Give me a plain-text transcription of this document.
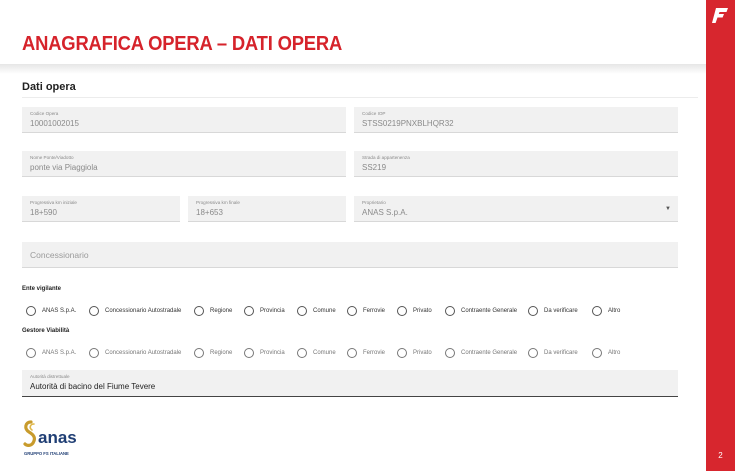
ANAGRAFICA OPERA – DATI OPERA
2
Dati opera
Codice Opera
10001002015
Codice IOP
STSS0219PNXBLHQR32
Nome Ponte/Viadotto
ponte via Piaggiola
Strada di appartenenza
SS219
Progressiva km iniziale
18+590
Progressiva km finale
18+653
Proprietario
ANAS S.p.A.	▼
Concessionario
Ente vigilante
ANAS S.p.A.	Concessionario Autostradale	Regione	Provincia	Comune	Ferrovie	Privato	Contraente Generale	Da verificare	Altro
Gestore Viabilità
ANAS S.p.A.	Concessionario Autostradale	Regione	Provincia	Comune	Ferrovie	Privato	Contraente Generale	Da verificare	Altro
Autorità distrettuale
Autorità di bacino del Fiume Tevere
anas
GRUPPO FS ITALIANE
